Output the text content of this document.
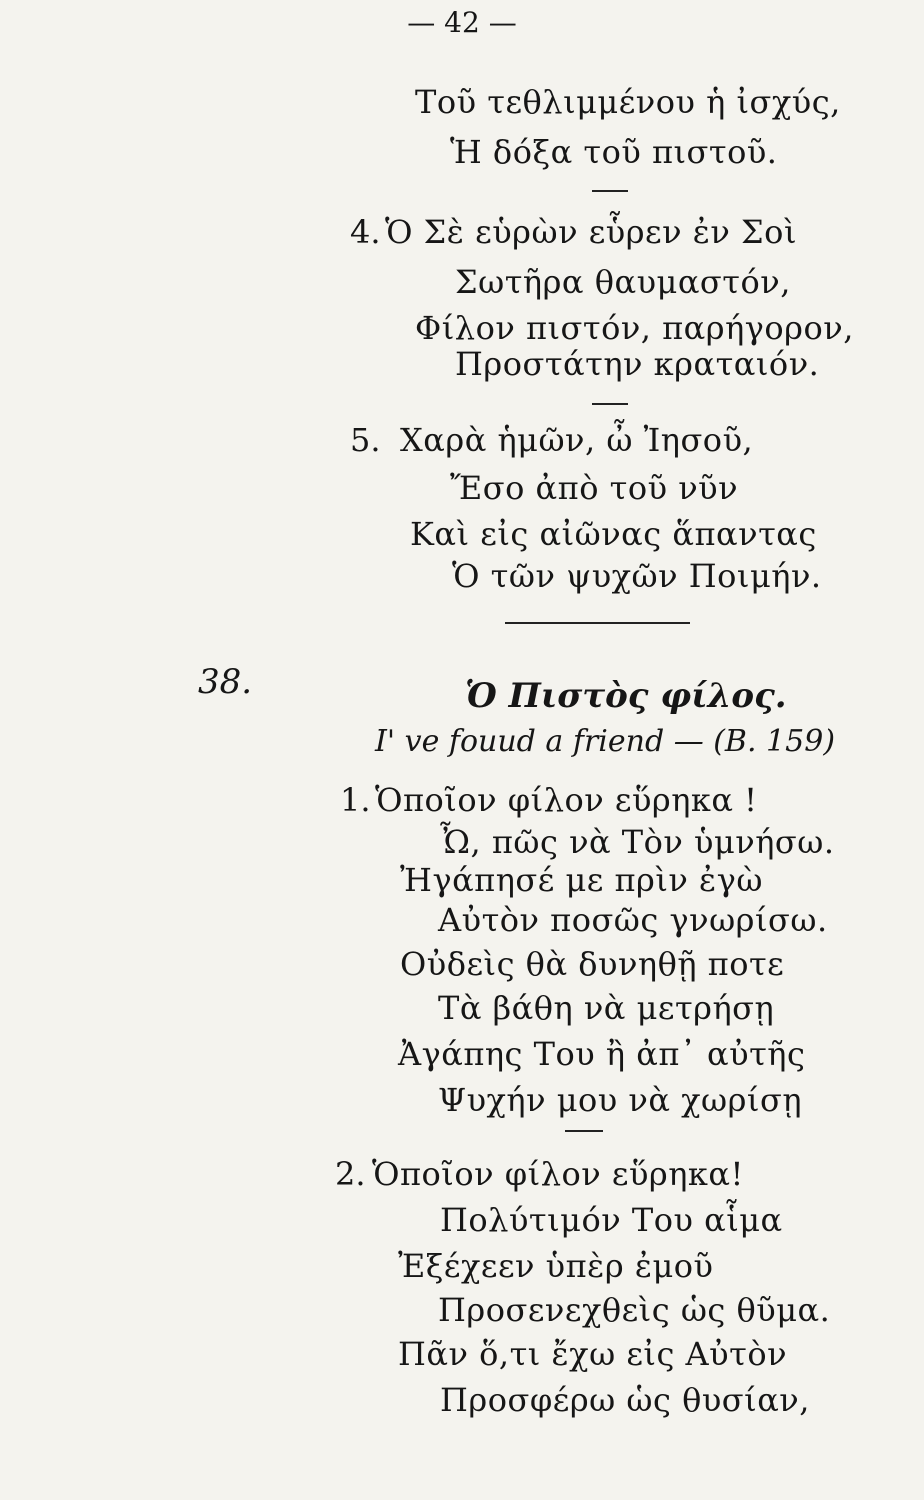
— 42 —
Τοῦ τεθλιμμένου ἡ ἰσχύς,
Ἡ δόξα τοῦ πιστοῦ.
4. Ὁ Σὲ εὑρὼν εὗρεν ἐν Σοὶ
Σωτῆρα θαυμαστόν,
Φίλον πιστόν, παρήγορον,
Προστάτην κραταιόν.
5. Χαρὰ ἡμῶν, ὦ Ἰησοῦ,
Ἔσο ἀπὸ τοῦ νῦν
Καὶ εἰς αἰῶνας ἅπαντας
Ὁ τῶν ψυχῶν Ποιμήν.
38.	Ὁ Πιστὸς φίλος.
I' ve fouud a friend — (B. 159)
1. Ὁποῖον φίλον εὕρηκα !
Ὦ, πῶς νὰ Τὸν ὑμνήσω.
Ἠγάπησέ με πρὶν ἐγὼ
Αὐτὸν ποσῶς γνωρίσω.
Οὐδεὶς θὰ δυνηθῇ ποτε
Τὰ βάθη νὰ μετρήσῃ
Ἀγάπης Του ἢ ἀπ᾽ αὐτῆς
Ψυχήν μου νὰ χωρίσῃ
2. Ὁποῖον φίλον εὕρηκα!
Πολύτιμόν Του αἷμα
Ἐξέχεεν ὑπὲρ ἐμοῦ
Προσενεχθεὶς ὡς θῦμα.
Πᾶν ὅ,τι ἔχω εἰς Αὐτὸν
Προσφέρω ὡς θυσίαν,
